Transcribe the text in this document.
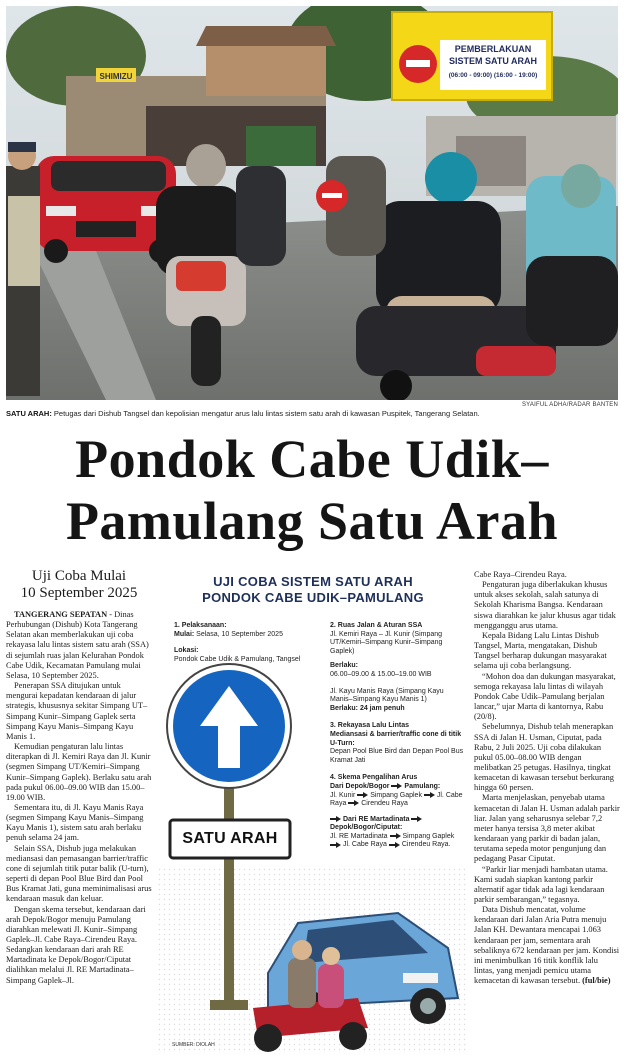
SHIMIZU
PEMBERLAKUAN
SISTEM SATU ARAH
(06:00 - 09:00) (16:00 - 19:00)
SYAIFUL ADHA/RADAR BANTEN
SATU ARAH: Petugas dari Dishub Tangsel dan kepolisian mengatur arus lalu lintas sistem satu arah di kawasan Puspitek, Tangerang Selatan.
Pondok Cabe Udik–
Pamulang Satu Arah
Uji Coba Mulai
10 September 2025

TANGERANG SEPATAN - Dinas Perhubungan (Dishub) Kota Tangerang Selatan akan memberlakukan uji coba rekayasa lalu lintas sistem satu arah (SSA) di sejumlah ruas jalan Kelurahan Pondok Cabe Udik, Kecamatan Pamulang mulai Selasa, 10 September 2025.

Penerapan SSA ditujukan untuk mengurai kepadatan kendaraan di jalur strategis, khususnya sekitar Simpang UT–Simpang Kunir–Simpang Gaplek serta Simpang Kayu Manis–Simpang Kayu Manis 1.

Kemudian pengaturan lalu lintas diterapkan di Jl. Kemiri Raya dan Jl. Kunir (segmen Simpang UT/Kemiri–Simpang Kunir–Simpang Gaplek). Berlaku satu arah pada pukul 06.00–09.00 WIB dan 15.00–19.00 WIB.

Sementara itu, di Jl. Kayu Manis Raya (segmen Simpang Kayu Manis–Simpang Kayu Manis 1), sistem satu arah berlaku penuh selama 24 jam.

Selain SSA, Dishub juga melakukan mediansasi dan pemasangan barrier/traffic cone di sejumlah titik putar balik (U-turn), seperti di depan Pool Blue Bird dan Pool Bus Kramat Jati, guna meminimalisasi arus kendaraan masuk dan keluar.

Dengan skema tersebut, kendaraan dari arah Depok/Bogor menuju Pamulang diarahkan melewati Jl. Kunir–Simpang Gaplek–Jl. Cabe Raya–Cirendeu Raya. Sedangkan kendaraan dari arah RE Martadinata ke Depok/Bogor/Ciputat dialihkan melalui Jl. RE Martadinata–Simpang Gaplek–Jl.

UJI COBA SISTEM SATU ARAH
PONDOK CABE UDIK–PAMULANG
1. Pelaksanaan:
Mulai: Selasa, 10 September 2025
Lokasi:
Pondok Cabe Udik & Pamulang, Tangsel
2. Ruas Jalan & Aturan SSA
Jl. Kemiri Raya – Jl. Kunir (Simpang UT/Kemiri–Simpang Kunir–Simpang Gaplek)
Berlaku:
06.00–09.00 & 15.00–19.00 WIB
Jl. Kayu Manis Raya (Simpang Kayu Manis–Simpang Kayu Manis 1)
Berlaku: 24 jam penuh
3. Rekayasa Lalu Lintas
Mediansasi & barrier/traffic cone di titik U-Turn:
Depan Pool Blue Bird dan Depan Pool Bus Kramat Jati
4. Skema Pengalihan Arus
Dari Depok/Bogor Pamulang:
Jl. Kunir Simpang Gaplek Jl. Cabe Raya Cirendeu Raya
Dari RE Martadinata
Depok/Bogor/Ciputat:
Jl. RE Martadinata Simpang Gaplek  Jl. Cabe Raya Cirendeu Raya.
SATU ARAH
SUMBER: DIOLAH

Cabe Raya–Cirendeu Raya.

Pengaturan juga diberlakukan khusus untuk akses sekolah, salah satunya di Sekolah Kharisma Bangsa. Kendaraan siswa diarahkan ke jalur khusus agar tidak mengganggu arus utama.

Kepala Bidang Lalu Lintas Dishub Tangsel, Marta, mengatakan, Dishub Tangsel berharap dukungan masyarakat selama uji coba berlangsung.

“Mohon doa dan dukungan masyarakat, semoga rekayasa lalu lintas di wilayah Pondok Cabe Udik–Pamulang berjalan lancar,” ujar Marta di kantornya, Rabu (20/8).

Sebelumnya, Dishub telah menerapkan SSA di Jalan H. Usman, Ciputat, pada Rabu, 2 Juli 2025. Uji coba dilakukan pukul 05.00–08.00 WIB dengan melibatkan 25 petugas. Hasilnya, tingkat kemacetan di kawasan tersebut berkurang hingga 60 persen.

Marta menjelaskan, penyebab utama kemacetan di Jalan H. Usman adalah parkir liar. Jalan yang seharusnya selebar 7,2 meter hanya tersisa 3,8 meter akibat kendaraan yang parkir di badan jalan, terutama sepeda motor pengunjung dan pedagang Pasar Ciputat.

“Parkir liar menjadi hambatan utama. Kami sudah siapkan kantong parkir alternatif agar tidak ada lagi kendaraan parkir sembarangan,” tegasnya.

Data Dishub mencatat, volume kendaraan dari Jalan Aria Putra menuju Jalan KH. Dewantara mencapai 1.063 kendaraan per jam, sementara arah sebaliknya 672 kendaraan per jam. Kondisi ini menimbulkan 16 titik konflik lalu lintas, yang menjadi pemicu utama kemacetan di kawasan tersebut. (ful/bie)
